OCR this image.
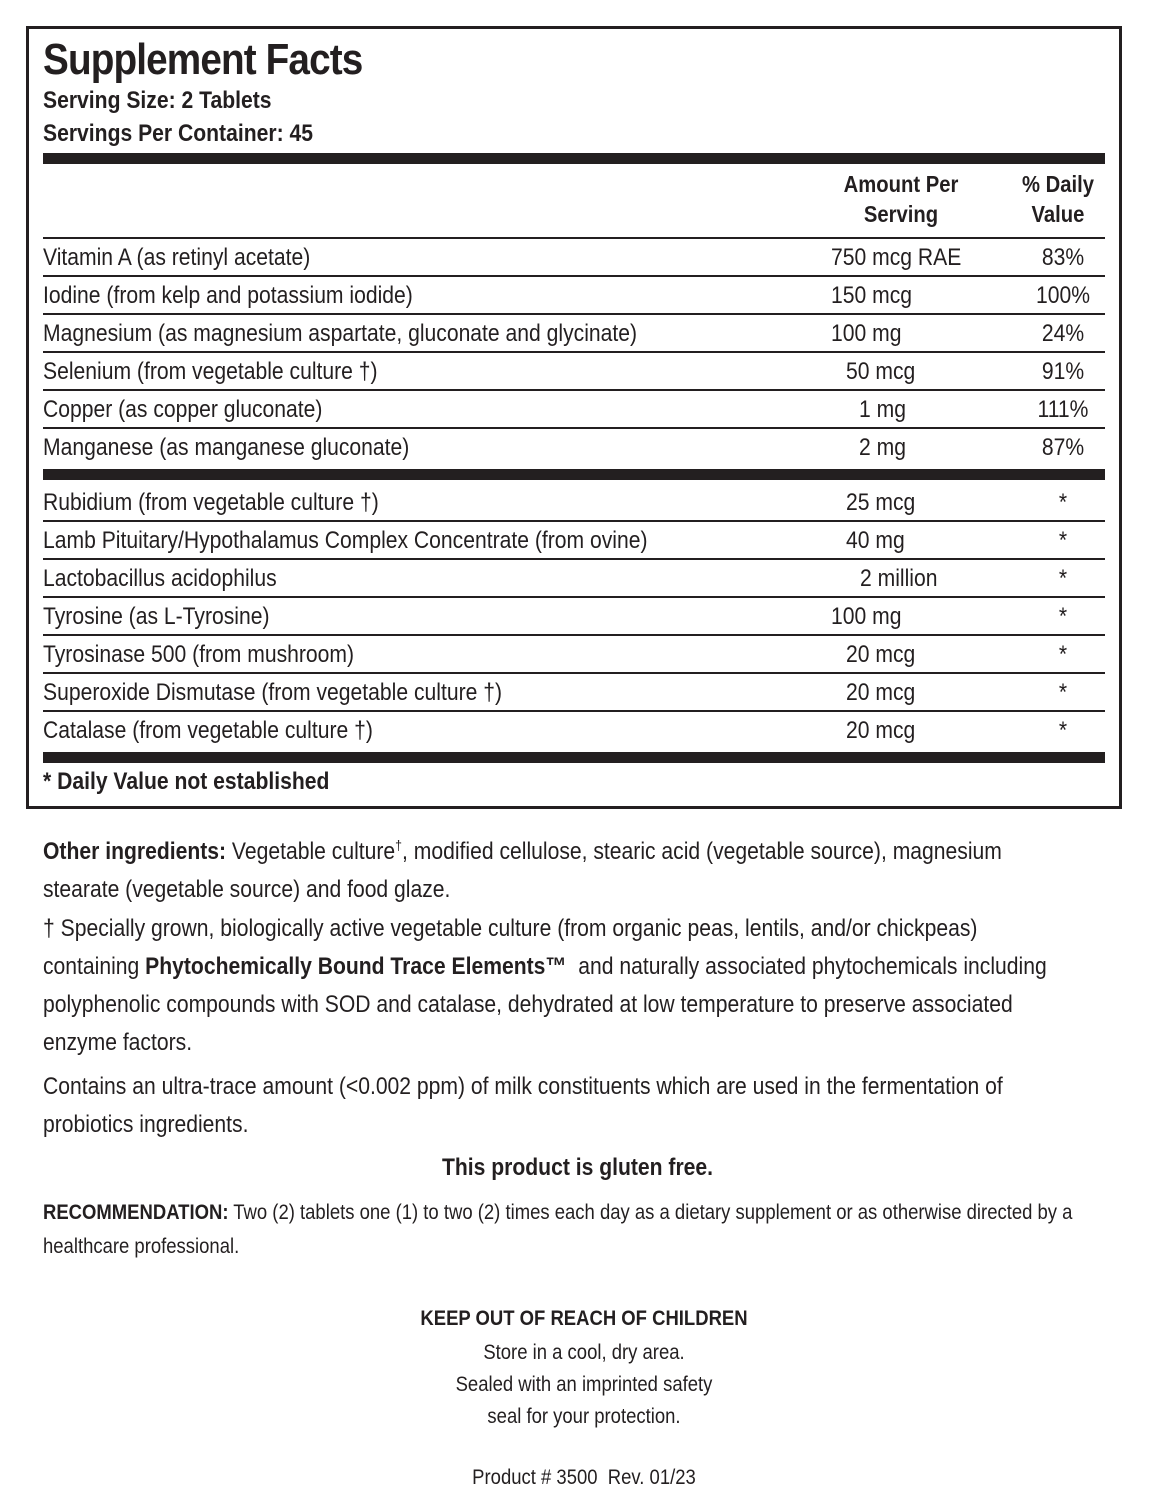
Supplement Facts
Serving Size: 2 Tablets
Servings Per Container: 45
Amount Per
Serving
% Daily
Value
Vitamin A (as retinyl acetate)	750 mcg RAE	83%
Iodine (from kelp and potassium iodide)	150 mcg	100%
Magnesium (as magnesium aspartate, gluconate and glycinate)	100 mg	24%
Selenium (from vegetable culture †)	50 mcg	91%
Copper (as copper gluconate)	1 mg	111%
Manganese (as manganese gluconate)	2 mg	87%
Rubidium (from vegetable culture †)	25 mcg	*
Lamb Pituitary/Hypothalamus Complex Concentrate (from ovine)	40 mg	*
Lactobacillus acidophilus	2 million	*
Tyrosine (as L-Tyrosine)	100 mg	*
Tyrosinase 500 (from mushroom)	20 mcg	*
Superoxide Dismutase (from vegetable culture †)	20 mcg	*
Catalase (from vegetable culture †)	20 mcg	*
* Daily Value not established
Other ingredients: Vegetable culture†, modified cellulose, stearic acid (vegetable source), magnesium stearate (vegetable source) and food glaze.
† Specially grown, biologically active vegetable culture (from organic peas, lentils, and/or chickpeas) containing Phytochemically Bound Trace Elements™  and naturally associated phytochemicals including polyphenolic compounds with SOD and catalase, dehydrated at low temperature to preserve associated enzyme factors.
Contains an ultra-trace amount (<0.002 ppm) of milk constituents which are used in the fermentation of probiotics ingredients.
This product is gluten free.
RECOMMENDATION: Two (2) tablets one (1) to two (2) times each day as a dietary supplement or as otherwise directed by a healthcare professional.
KEEP OUT OF REACH OF CHILDREN
Store in a cool, dry area.
Sealed with an imprinted safety
seal for your protection.
Product # 3500  Rev. 01/23
